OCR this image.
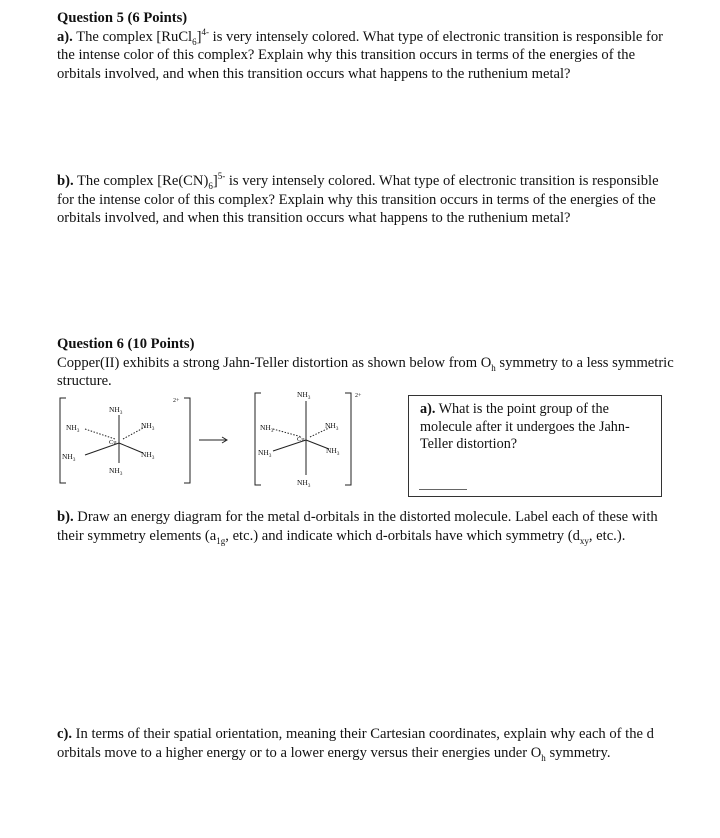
Question 5 (6 Points)

a). The complex [RuCl$_6$]$^{4-}$ is very intensely colored. What type of electronic transition is responsible for the intense color of this complex? Explain why this transition occurs in terms of the energies of the orbitals involved, and when this transition occurs what happens to the ruthenium metal?

b). The complex $[Re(CN)_6]^{5-}$ is very intensely colored. What type of electronic transition is responsible for the intense color of this complex? Explain why this transition occurs in terms of the energies of the orbitals involved, and when this transition occurs what happens to the ruthenium metal?

Question 6 (10 Points)

Copper(II) exhibits a strong Jahn-Teller distortion as shown below from $O_h$ symmetry to a less symmetric structure.

$NH_3$
$NH_3$
$NH_3$
$NH_3$
$NH_3$
$NH_3$
Cu
2+
$NH_3$
$NH_3$
$NH_3$
$NH_3$
$NH_3$
$NH_3$
Cu
2+

a). What is the point group of the molecule after it undergoes the Jahn-Teller distortion?

b). Draw an energy diagram for the metal d-orbitals in the distorted molecule. Label each of these with their symmetry elements ($a_{1g}$, etc.) and indicate which d-orbitals have which symmetry ($d_{xy}$, etc.).

c). In terms of their spatial orientation, meaning their Cartesian coordinates, explain why each of the d orbitals move to a higher energy or to a lower energy versus their energies under $O_h$ symmetry.
